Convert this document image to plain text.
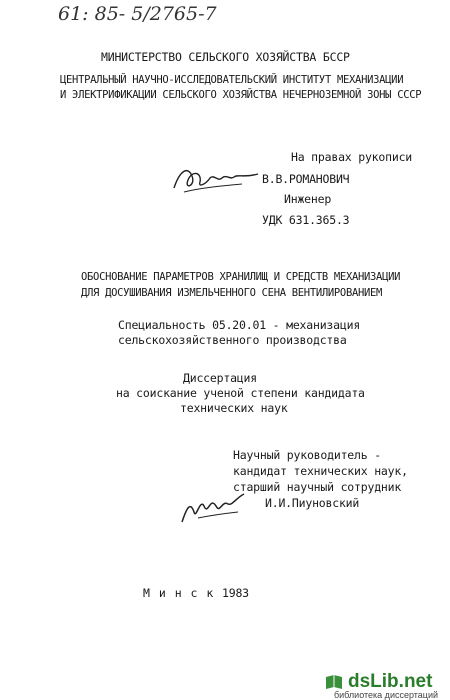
61: 85- 5/2765-7
МИНИСТЕРСТВО СЕЛЬСКОГО ХОЗЯЙСТВА БССР
ЦЕНТРАЛЬНЫЙ НАУЧНО-ИССЛЕДОВАТЕЛЬСКИЙ ИНСТИТУТ МЕХАНИЗАЦИИ
И ЭЛЕКТРИФИКАЦИИ СЕЛЬСКОГО ХОЗЯЙСТВА НЕЧЕРНОЗЕМНОЙ ЗОНЫ СССР
На правах рукописи
В.В.РОМАНОВИЧ
Инженер
УДК 631.365.3
ОБОСНОВАНИЕ ПАРАМЕТРОВ ХРАНИЛИЩ И СРЕДСТВ МЕХАНИЗАЦИИ
ДЛЯ ДОСУШИВАНИЯ ИЗМЕЛЬЧЕННОГО СЕНА ВЕНТИЛИРОВАНИЕМ
Специальность 05.20.01 - механизация
сельскохозяйственного производства
Диссертация
на соискание ученой степени кандидата
технических наук
Научный руководитель -
кандидат технических наук,
старший научный сотрудник
И.И.Пиуновский
М и н с к 1983
dsLib.net
библиотека диссертаций
